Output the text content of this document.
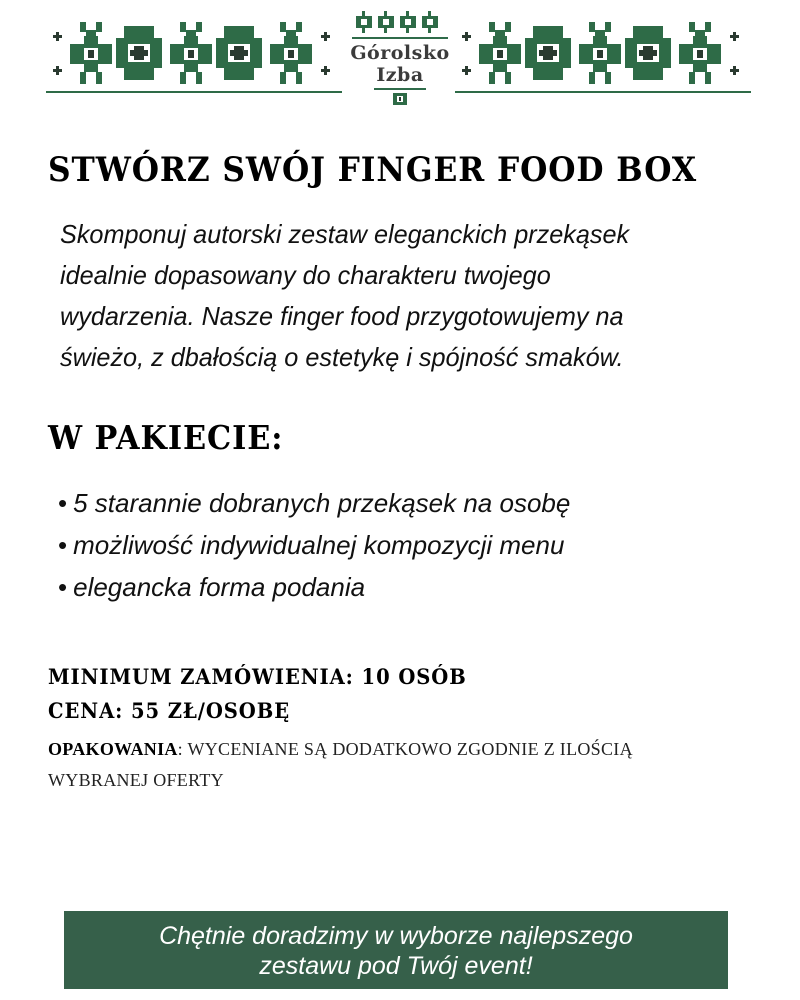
Górolsko
Izba
STWÓRZ SWÓJ FINGER FOOD BOX
Skomponuj autorski zestaw eleganckich przekąsek
idealnie dopasowany do charakteru twojego
wydarzenia. Nasze finger food przygotowujemy na
świeżo, z dbałością o estetykę i spójność smaków.
W PAKIECIE:
• 5 starannie dobranych przekąsek na osobę
• możliwość indywidualnej kompozycji menu
• elegancka forma podania
MINIMUM ZAMÓWIENIA: 10 OSÓB
CENA: 55 ZŁ/OSOBĘ
OPAKOWANIA: WYCENIANE SĄ DODATKOWO ZGODNIE Z ILOŚCIĄ WYBRANEJ OFERTY
Chętnie doradzimy w wyborze najlepszego
zestawu pod Twój event!
